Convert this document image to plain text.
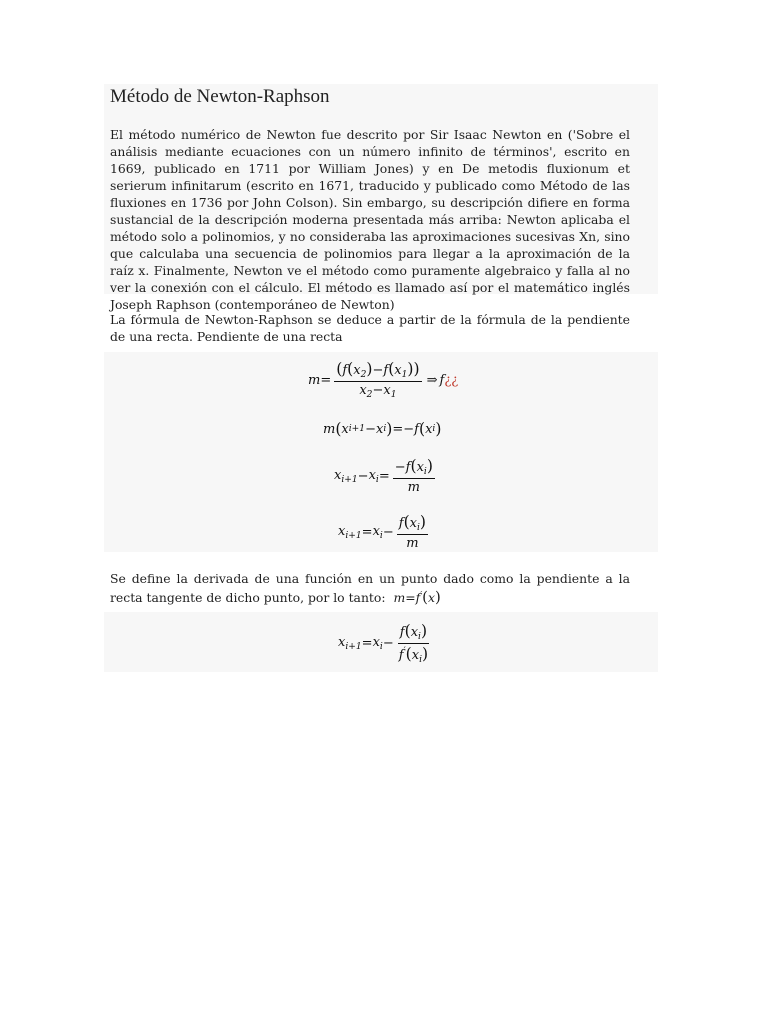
Método de Newton-Raphson

El método numérico de Newton fue descrito por Sir Isaac Newton en ('Sobre el análisis mediante ecuaciones con un número infinito de términos', escrito en 1669, publicado en 1711 por William Jones) y en De metodis fluxionum et serierum infinitarum (escrito en 1671, traducido y publicado como Método de las fluxiones en 1736 por John Colson). Sin embargo, su descripción difiere en forma sustancial de la descripción moderna presentada más arriba: Newton aplicaba el método solo a polinomios, y no consideraba las aproximaciones sucesivas Xn, sino que calculaba una secuencia de polinomios para llegar a la aproximación de la raíz x. Finalmente, Newton ve el método como puramente algebraico y falla al no ver la conexión con el cálculo. El método es llamado así por el matemático inglés Joseph Raphson (contemporáneo de Newton)

La fórmula de Newton-Raphson se deduce a partir de la fórmula de la pendiente de una recta. Pendiente de una recta

$m = \frac{(f(x_2)-f(x_1))}{x_2-x_1}$ ⇒ f ¿¿
m ( x i+1 − x i ) =− f ( x i )
$x_{i+1} - x_i = \frac{-f(x_i)}{m}$
$x_{i+1} = x_i - \frac{f(x_i)}{m}$

Se define la derivada de una función en un punto dado como la pendiente a la recta tangente de dicho punto, por lo tanto:  m=f′(x)

$x_{i+1} = x_i - \frac{f(x_i)}{f'(x_i)}$
